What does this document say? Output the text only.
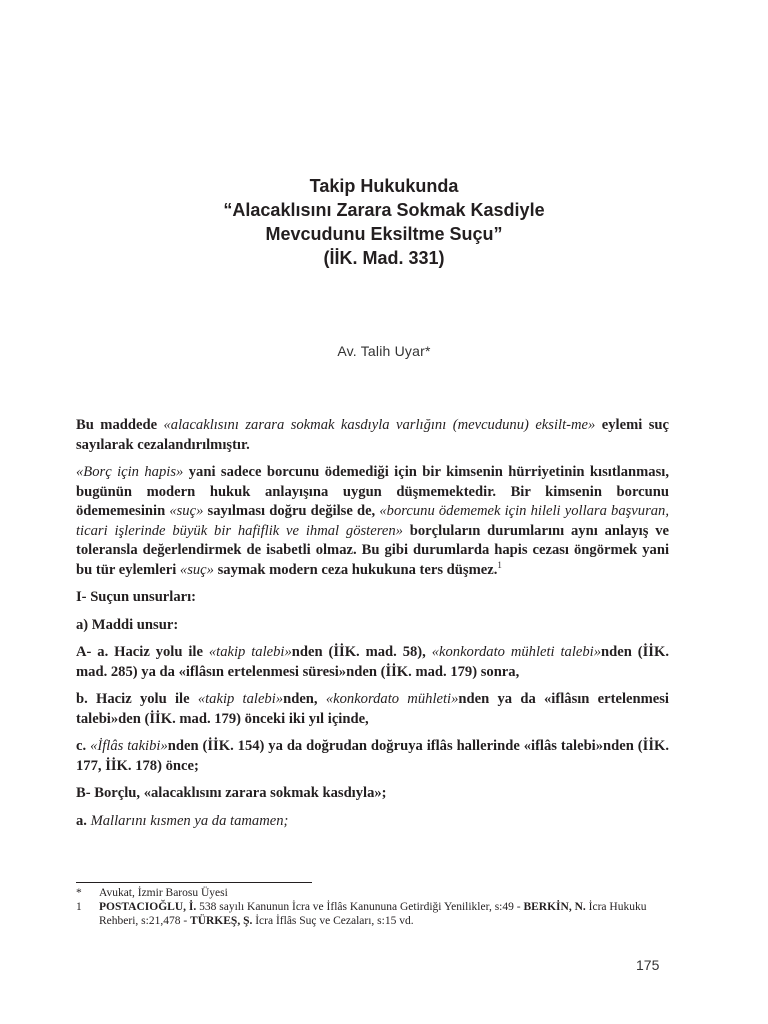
Takip Hukukunda
“Alacaklısını Zarara Sokmak Kasdiyle
Mevcudunu Eksiltme Suçu”
(İİK. Mad. 331)
Av. Talih Uyar*

Bu maddede «alacaklısını zarara sokmak kasdıyla varlığını (mevcudunu) eksilt-me» eylemi suç sayılarak cezalandırılmıştır.

«Borç için hapis» yani sadece borcunu ödemediği için bir kimsenin hürriyetinin kısıtlanması, bugünün modern hukuk anlayışına uygun düşmemektedir. Bir kimsenin borcunu ödememesinin «suç» sayılması doğru değilse de, «borcunu ödememek için hileli yollara başvuran, ticari işlerinde büyük bir hafiflik ve ihmal gösteren» borçluların durumlarını aynı anlayış ve toleransla değerlendirmek de isabetli olmaz. Bu gibi durumlarda hapis cezası öngörmek yani bu tür eylemleri «suç» saymak modern ceza hukukuna ters düşmez.$^1$

I- Suçun unsurları:

a) Maddi unsur:

A- a. Haciz yolu ile «takip talebi»nden (İİK. mad. 58), «konkordato mühleti talebi»nden (İİK. mad. 285) ya da «iflâsın ertelenmesi süresi»nden (İİK. mad. 179) sonra,

b. Haciz yolu ile «takip talebi»nden, «konkordato mühleti»nden ya da «iflâsın ertelenmesi talebi»den (İİK. mad. 179) önceki iki yıl içinde,

c. «İflâs takibi»nden (İİK. 154) ya da doğrudan doğruya iflâs hallerinde «iflâs talebi»nden (İİK. 177, İİK. 178) önce;

B- Borçlu, «alacaklısını zarara sokmak kasdıyla»;

a. Mallarını kısmen ya da tamamen;

*	Avukat, İzmir Barosu Üyesi
1	POSTACIOĞLU, İ. 538 sayılı Kanunun İcra ve İflâs Kanununa Getirdiği Yenilikler, s:49 - BERKİN, N. İcra Hukuku Rehberi, s:21,478 - TÜRKEŞ, Ş. İcra İflâs Suç ve Cezaları, s:15 vd.
175
